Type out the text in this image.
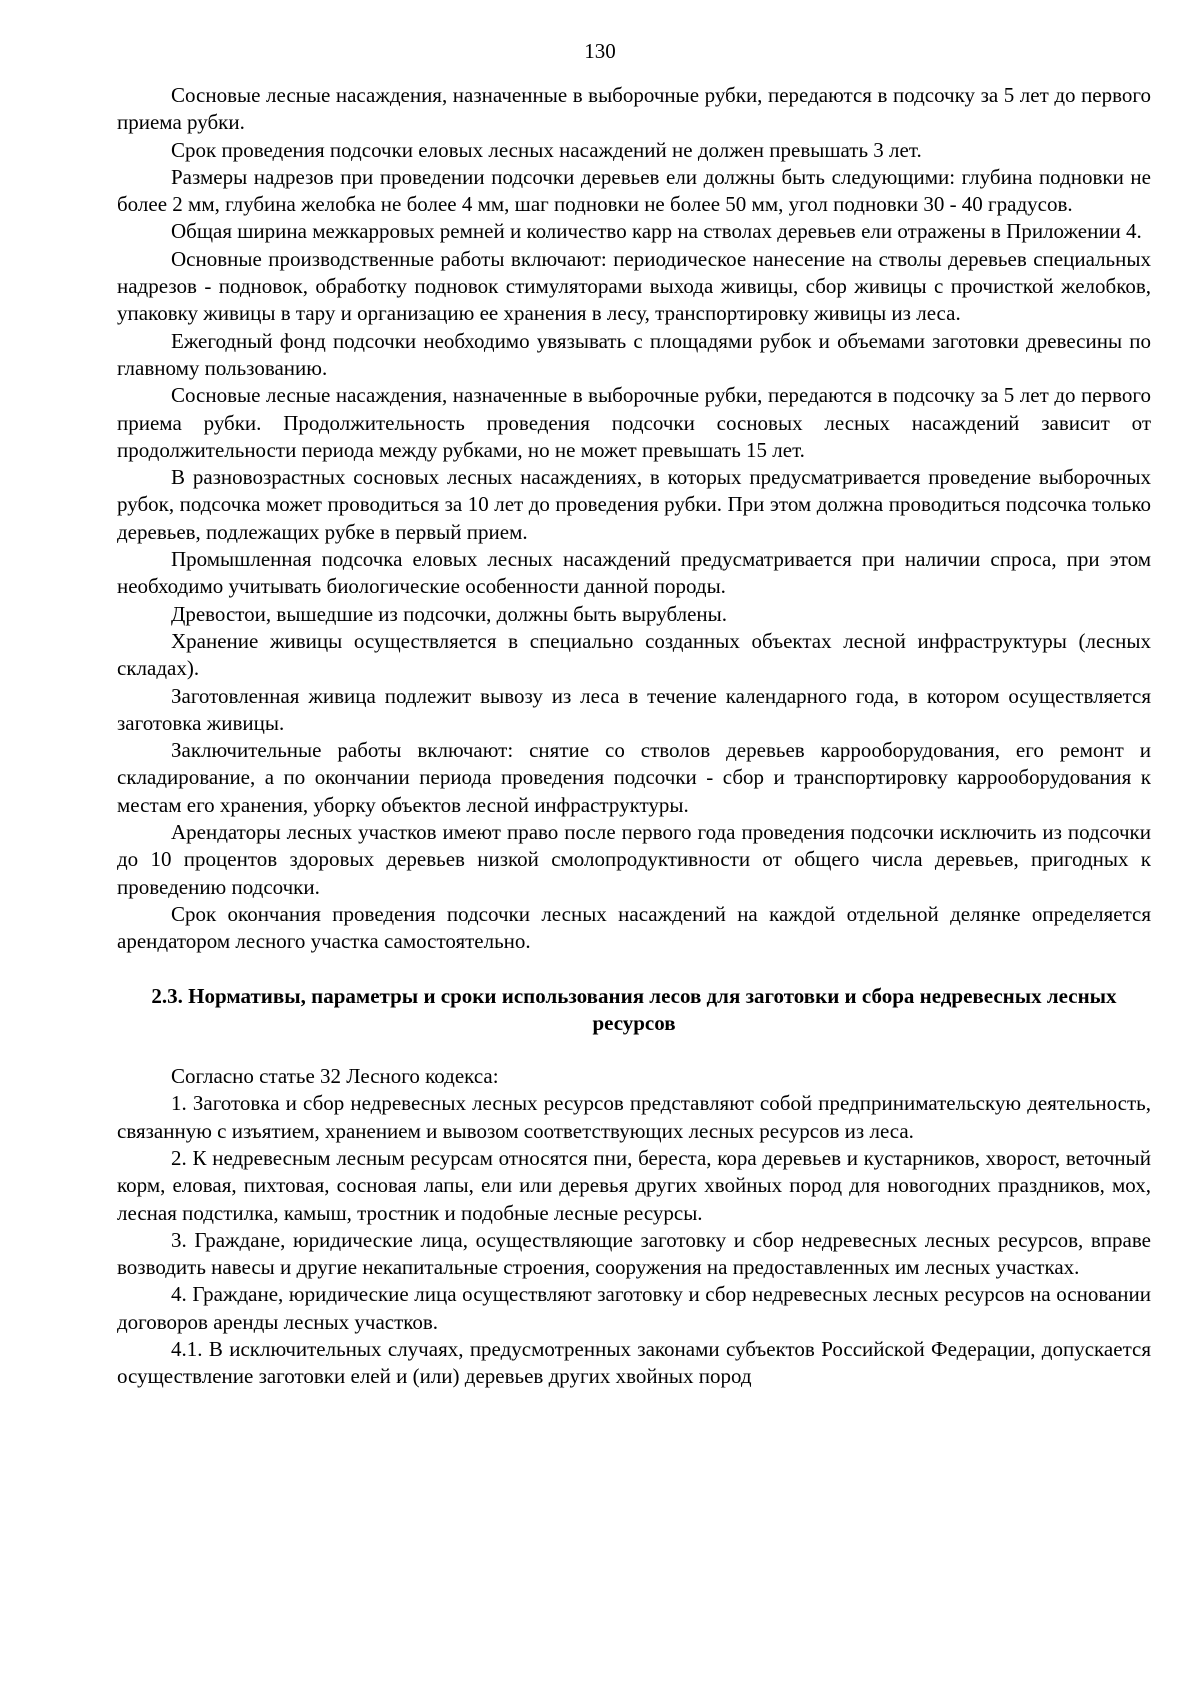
130

Сосновые лесные насаждения, назначенные в выборочные рубки, передаются в подсочку за 5 лет до первого приема рубки.

Срок проведения подсочки еловых лесных насаждений не должен превышать 3 лет.

Размеры надрезов при проведении подсочки деревьев ели должны быть следующими: глубина подновки не более 2 мм, глубина желобка не более 4 мм, шаг подновки не более 50 мм, угол подновки 30 - 40 градусов.

Общая ширина межкарровых ремней и количество карр на стволах деревьев ели отражены в Приложении 4.

Основные производственные работы включают: периодическое нанесение на стволы деревьев специальных надрезов - подновок, обработку подновок стимуляторами выхода живицы, сбор живицы с прочисткой желобков, упаковку живицы в тару и организацию ее хранения в лесу, транспортировку живицы из леса.

Ежегодный фонд подсочки необходимо увязывать с площадями рубок и объемами заготовки древесины по главному пользованию.

Сосновые лесные насаждения, назначенные в выборочные рубки, передаются в подсочку за 5 лет до первого приема рубки. Продолжительность проведения подсочки сосновых лесных насаждений зависит от продолжительности периода между рубками, но не может превышать 15 лет.

В разновозрастных сосновых лесных насаждениях, в которых предусматривается проведение выборочных рубок, подсочка может проводиться за 10 лет до проведения рубки. При этом должна проводиться подсочка только деревьев, подлежащих рубке в первый прием.

Промышленная подсочка еловых лесных насаждений предусматривается при наличии спроса, при этом необходимо учитывать биологические особенности данной породы.

Древостои, вышедшие из подсочки, должны быть вырублены.

Хранение живицы осуществляется в специально созданных объектах лесной инфраструктуры (лесных складах).

Заготовленная живица подлежит вывозу из леса в течение календарного года, в котором осуществляется заготовка живицы.

Заключительные работы включают: снятие со стволов деревьев каррооборудования, его ремонт и складирование, а по окончании периода проведения подсочки - сбор и транспортировку каррооборудования к местам его хранения, уборку объектов лесной инфраструктуры.

Арендаторы лесных участков имеют право после первого года проведения подсочки исключить из подсочки до 10 процентов здоровых деревьев низкой смолопродуктивности от общего числа деревьев, пригодных к проведению подсочки.

Срок окончания проведения подсочки лесных насаждений на каждой отдельной делянке определяется арендатором лесного участка самостоятельно.

2.3. Нормативы, параметры и сроки использования лесов для заготовки и сбора недревесных лесных ресурсов

Согласно статье 32 Лесного кодекса:

1. Заготовка и сбор недревесных лесных ресурсов представляют собой предпринимательскую деятельность, связанную с изъятием, хранением и вывозом соответствующих лесных ресурсов из леса.

2. К недревесным лесным ресурсам относятся пни, береста, кора деревьев и кустарников, хворост, веточный корм, еловая, пихтовая, сосновая лапы, ели или деревья других хвойных пород для новогодних праздников, мох, лесная подстилка, камыш, тростник и подобные лесные ресурсы.

3. Граждане, юридические лица, осуществляющие заготовку и сбор недревесных лесных ресурсов, вправе возводить навесы и другие некапитальные строения, сооружения на предоставленных им лесных участках.

4. Граждане, юридические лица осуществляют заготовку и сбор недревесных лесных ресурсов на основании договоров аренды лесных участков.

4.1. В исключительных случаях, предусмотренных законами субъектов Российской Федерации, допускается осуществление заготовки елей и (или) деревьев других хвойных пород
